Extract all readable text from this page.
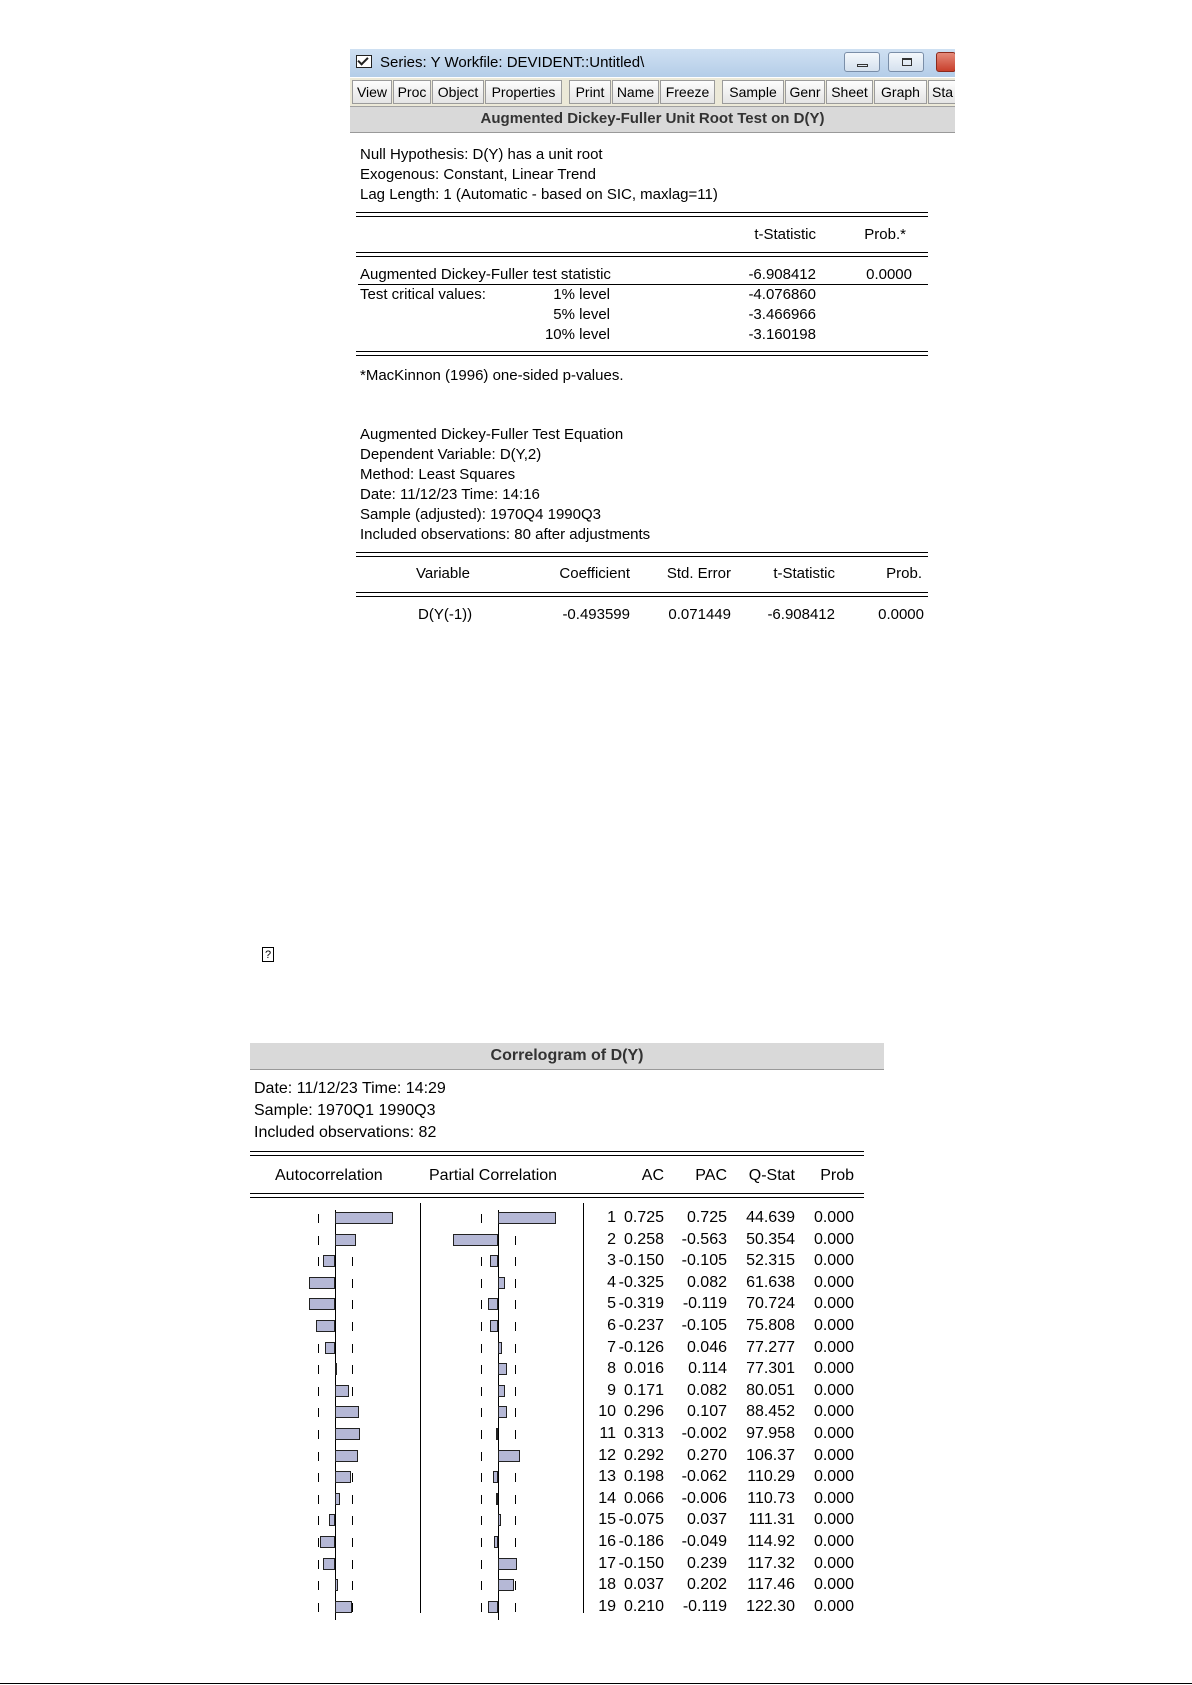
Series: Y Workfile: DEVIDENT::Untitled\
View Proc Object Properties	Print Name Freeze	Sample Genr Sheet Graph Sta
Augmented Dickey-Fuller Unit Root Test on D(Y)
Null Hypothesis: D(Y) has a unit root
Exogenous: Constant, Linear Trend
Lag Length: 1 (Automatic - based on SIC, maxlag=11)
t-Statistic	Prob.*
Augmented Dickey-Fuller test statistic	-6.908412	0.0000
Test critical values:	1% level	-4.076860
5% level	-3.466966
10% level	-3.160198
*MacKinnon (1996) one-sided p-values.
Augmented Dickey-Fuller Test Equation
Dependent Variable: D(Y,2)
Method: Least Squares
Date: 11/12/23 Time: 14:16
Sample (adjusted): 1970Q4 1990Q3
Included observations: 80 after adjustments
Variable	Coefficient	Std. Error	t-Statistic	Prob.
D(Y(-1))	-0.493599	0.071449	-6.908412	0.0000
?
Correlogram of D(Y)
Date: 11/12/23 Time: 14:29
Sample: 1970Q1 1990Q3
Included observations: 82
Autocorrelation	Partial Correlation	AC	PAC	Q-Stat	Prob
1 0.725	0.725	44.639	0.000
2 0.258	-0.563	50.354	0.000
3 -0.150	-0.105	52.315	0.000
4 -0.325	0.082	61.638	0.000
5 -0.319	-0.119	70.724	0.000
6 -0.237	-0.105	75.808	0.000
7 -0.126	0.046	77.277	0.000
8 0.016	0.114	77.301	0.000
9 0.171	0.082	80.051	0.000
10 0.296	0.107	88.452	0.000
11 0.313	-0.002	97.958	0.000
12 0.292	0.270	106.37	0.000
13 0.198	-0.062	110.29	0.000
14 0.066	-0.006	110.73	0.000
15 -0.075	0.037	111.31	0.000
16 -0.186	-0.049	114.92	0.000
17 -0.150	0.239	117.32	0.000
18 0.037	0.202	117.46	0.000
19 0.210	-0.119	122.30	0.000
